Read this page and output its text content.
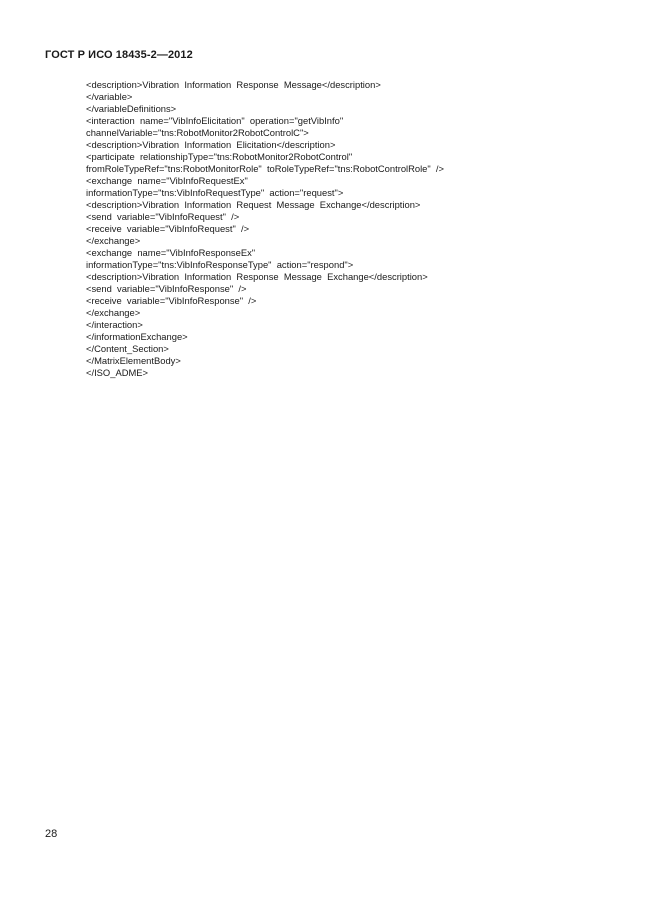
ГОСТ Р ИСО 18435-2—2012
<description>Vibration  Information  Response  Message</description>
</variable>
</variableDefinitions>
<interaction  name="VibInfoElicitation"  operation="getVibInfo"
channelVariable="tns:RobotMonitor2RobotControlC">
<description>Vibration  Information  Elicitation</description>
<participate  relationshipType="tns:RobotMonitor2RobotControl"
fromRoleTypeRef="tns:RobotMonitorRole"  toRoleTypeRef="tns:RobotControlRole"  />
<exchange  name="VibInfoRequestEx"
informationType="tns:VibInfoRequestType"  action="request">
<description>Vibration  Information  Request  Message  Exchange</description>
<send  variable="VibInfoRequest"  />
<receive  variable="VibInfoRequest"  />
</exchange>
<exchange  name="VibInfoResponseEx"
informationType="tns:VibInfoResponseType"  action="respond">
<description>Vibration  Information  Response  Message  Exchange</description>
<send  variable="VibInfoResponse"  />
<receive  variable="VibInfoResponse"  />
</exchange>
</interaction>
</informationExchange>
</Content_Section>
</MatrixElementBody>
</ISO_ADME>
28
